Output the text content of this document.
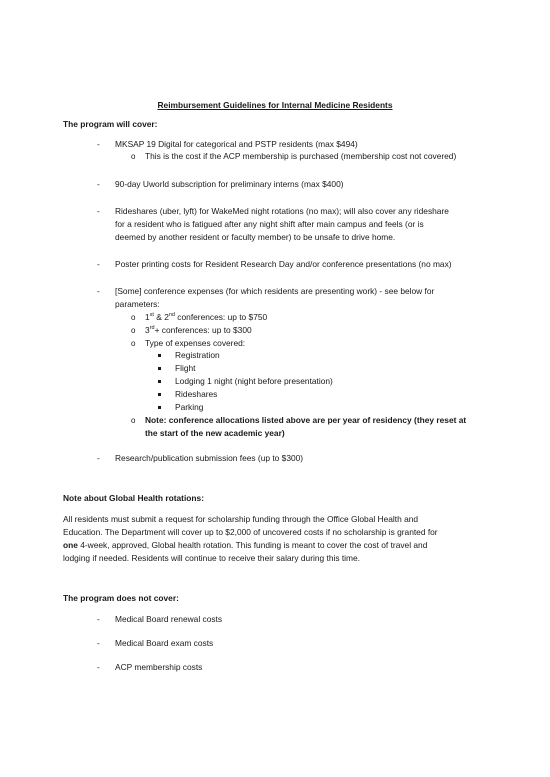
Reimbursement Guidelines for Internal Medicine Residents
The program will cover:
- MKSAP 19 Digital for categorical and PSTP residents (max $494)
o This is the cost if the ACP membership is purchased (membership cost not covered)
- 90-day Uworld subscription for preliminary interns (max $400)
- Rideshares (uber, lyft) for WakeMed night rotations (no max); will also cover any rideshare
for a resident who is fatigued after any night shift after main campus and feels (or is
deemed by another resident or faculty member) to be unsafe to drive home.
- Poster printing costs for Resident Research Day and/or conference presentations (no max)
- [Some] conference expenses (for which residents are presenting work) - see below for
parameters:
o 1st & 2nd conferences: up to $750
o 3rd+ conferences: up to $300
o Type of expenses covered:
Registration
Flight
Lodging 1 night (night before presentation)
Rideshares
Parking
o Note: conference allocations listed above are per year of residency (they reset at
the start of the new academic year)
- Research/publication submission fees (up to $300)
Note about Global Health rotations:
All residents must submit a request for scholarship funding through the Office Global Health and
Education. The Department will cover up to $2,000 of uncovered costs if no scholarship is granted for
one 4-week, approved, Global health rotation. This funding is meant to cover the cost of travel and
lodging if needed. Residents will continue to receive their salary during this time.
The program does not cover:
- Medical Board renewal costs
- Medical Board exam costs
- ACP membership costs
